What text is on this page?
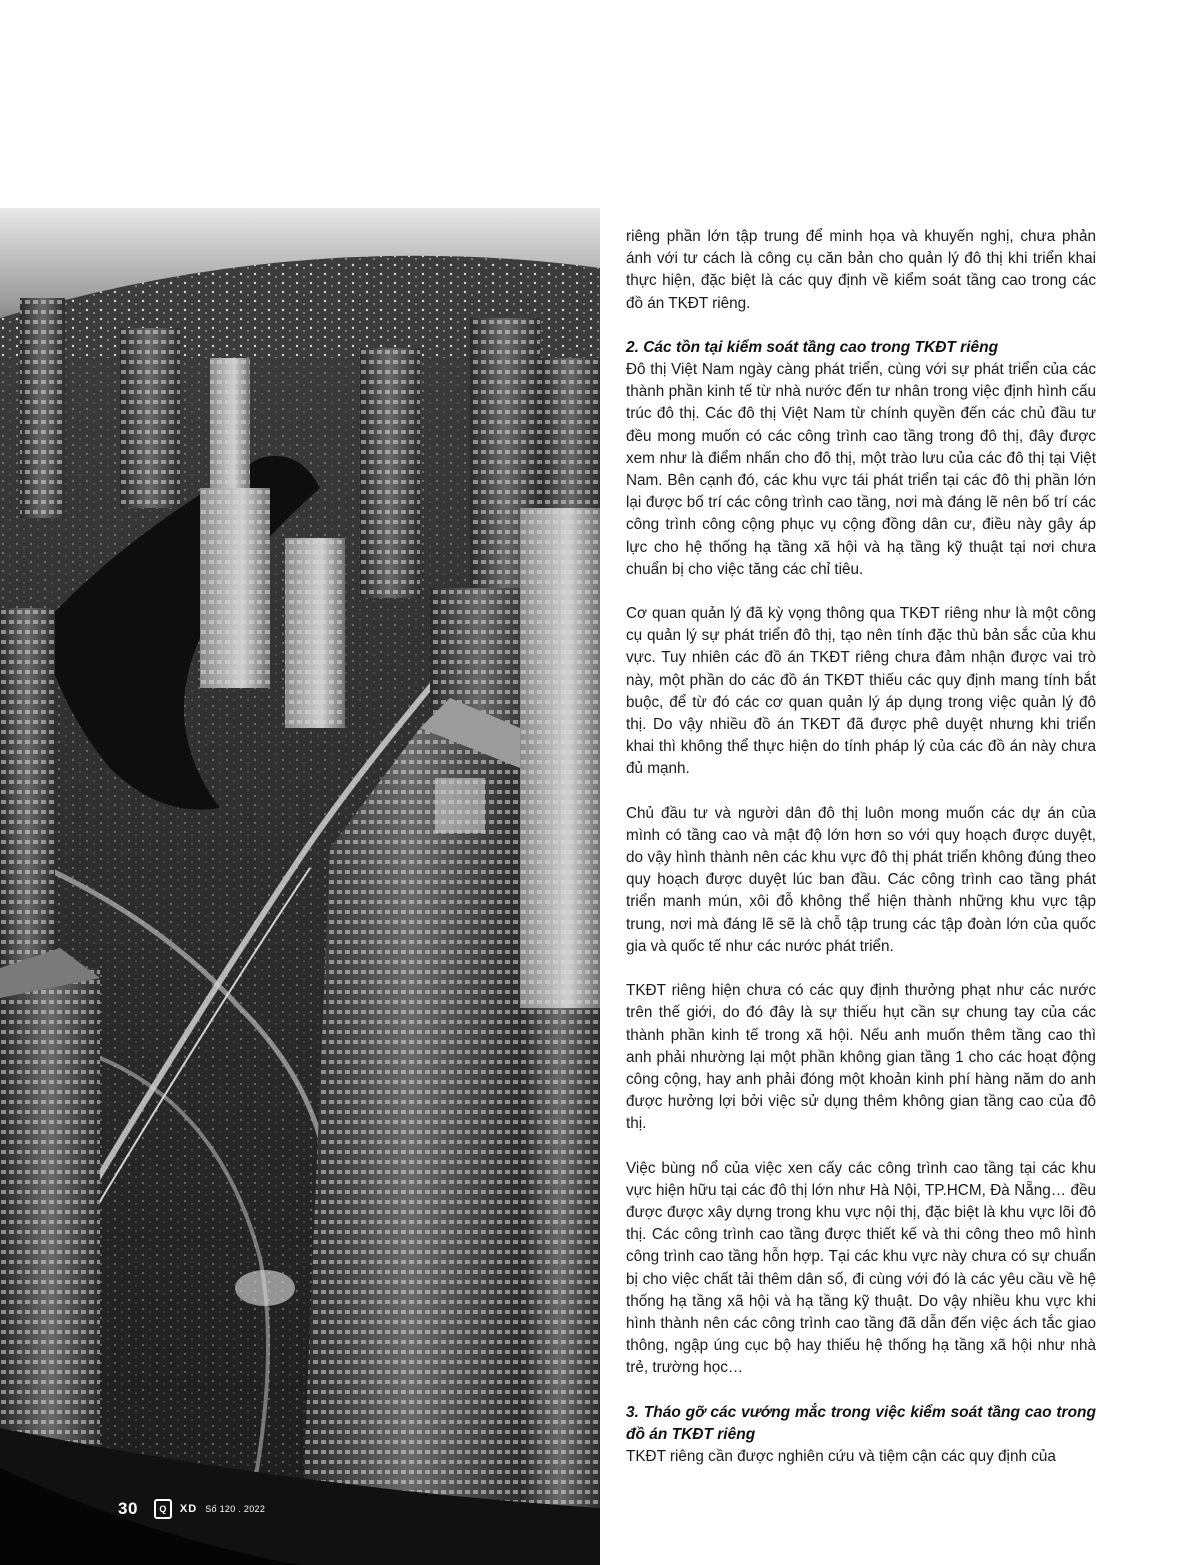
30	Q	XD Số 120 . 2022

riêng phần lớn tập trung để minh họa và khuyến nghị, chưa phản ánh với tư cách là công cụ căn bản cho quản lý đô thị khi triển khai thực hiện, đặc biệt là các quy định về kiểm soát tầng cao trong các đồ án TKĐT riêng.

2. Các tồn tại kiểm soát tầng cao trong TKĐT riêng

Đô thị Việt Nam ngày càng phát triển, cùng với sự phát triển của các thành phần kinh tế từ nhà nước đến tư nhân trong việc định hình cấu trúc đô thị. Các đô thị Việt Nam từ chính quyền đến các chủ đầu tư đều mong muốn có các công trình cao tầng trong đô thị, đây được xem như là điểm nhấn cho đô thị, một trào lưu của các đô thị tại Việt Nam. Bên cạnh đó, các khu vực tái phát triển tại các đô thị phần lớn lại được bố trí các công trình cao tầng, nơi mà đáng lẽ nên bố trí các công trình công cộng phục vụ cộng đồng dân cư, điều này gây áp lực cho hệ thống hạ tầng xã hội và hạ tầng kỹ thuật tại nơi chưa chuẩn bị cho việc tăng các chỉ tiêu.

Cơ quan quản lý đã kỳ vọng thông qua TKĐT riêng như là một công cụ quản lý sự phát triển đô thị, tạo nên tính đặc thù bản sắc của khu vực. Tuy nhiên các đồ án TKĐT riêng chưa đảm nhận được vai trò này, một phần do các đồ án TKĐT thiếu các quy định mang tính bắt buộc, để từ đó các cơ quan quản lý áp dụng trong việc quản lý đô thị. Do vậy nhiều đồ án TKĐT đã được phê duyệt nhưng khi triển khai thì không thể thực hiện do tính pháp lý của các đồ án này chưa đủ mạnh.

Chủ đầu tư và người dân đô thị luôn mong muốn các dự án của mình có tầng cao và mật độ lớn hơn so với quy hoạch được duyệt, do vậy hình thành nên các khu vực đô thị phát triển không đúng theo quy hoạch được duyệt lúc ban đầu. Các công trình cao tầng phát triển manh mún, xôi đỗ không thể hiện thành những khu vực tập trung, nơi mà đáng lẽ sẽ là chỗ tập trung các tập đoàn lớn của quốc gia và quốc tế như các nước phát triển.

TKĐT riêng hiện chưa có các quy định thưởng phạt như các nước trên thế giới, do đó đây là sự thiếu hụt cần sự chung tay của các thành phần kinh tế trong xã hội. Nếu anh muốn thêm tầng cao thì anh phải nhường lại một phần không gian tầng 1 cho các hoạt động công cộng, hay anh phải đóng một khoản kinh phí hàng năm do anh được hưởng lợi bởi việc sử dụng thêm không gian tầng cao của đô thị.

Việc bùng nổ của việc xen cấy các công trình cao tầng tại các khu vực hiện hữu tại các đô thị lớn như Hà Nội, TP.HCM, Đà Nẵng… đều được được xây dựng trong khu vực nội thị, đặc biệt là khu vực lõi đô thị. Các công trình cao tầng được thiết kế và thi công theo mô hình công trình cao tầng hỗn hợp. Tại các khu vực này chưa có sự chuẩn bị cho việc chất tải thêm dân số, đi cùng với đó là các yêu cầu về hệ thống hạ tầng xã hội và hạ tầng kỹ thuật. Do vậy nhiều khu vực khi hình thành nên các công trình cao tầng đã dẫn đến việc ách tắc giao thông, ngập úng cục bộ hay thiếu hệ thống hạ tầng xã hội như nhà trẻ, trường học…

3. Tháo gỡ các vướng mắc trong việc kiểm soát tầng cao trong đồ án TKĐT riêng

TKĐT riêng cần được nghiên cứu và tiệm cận các quy định của
